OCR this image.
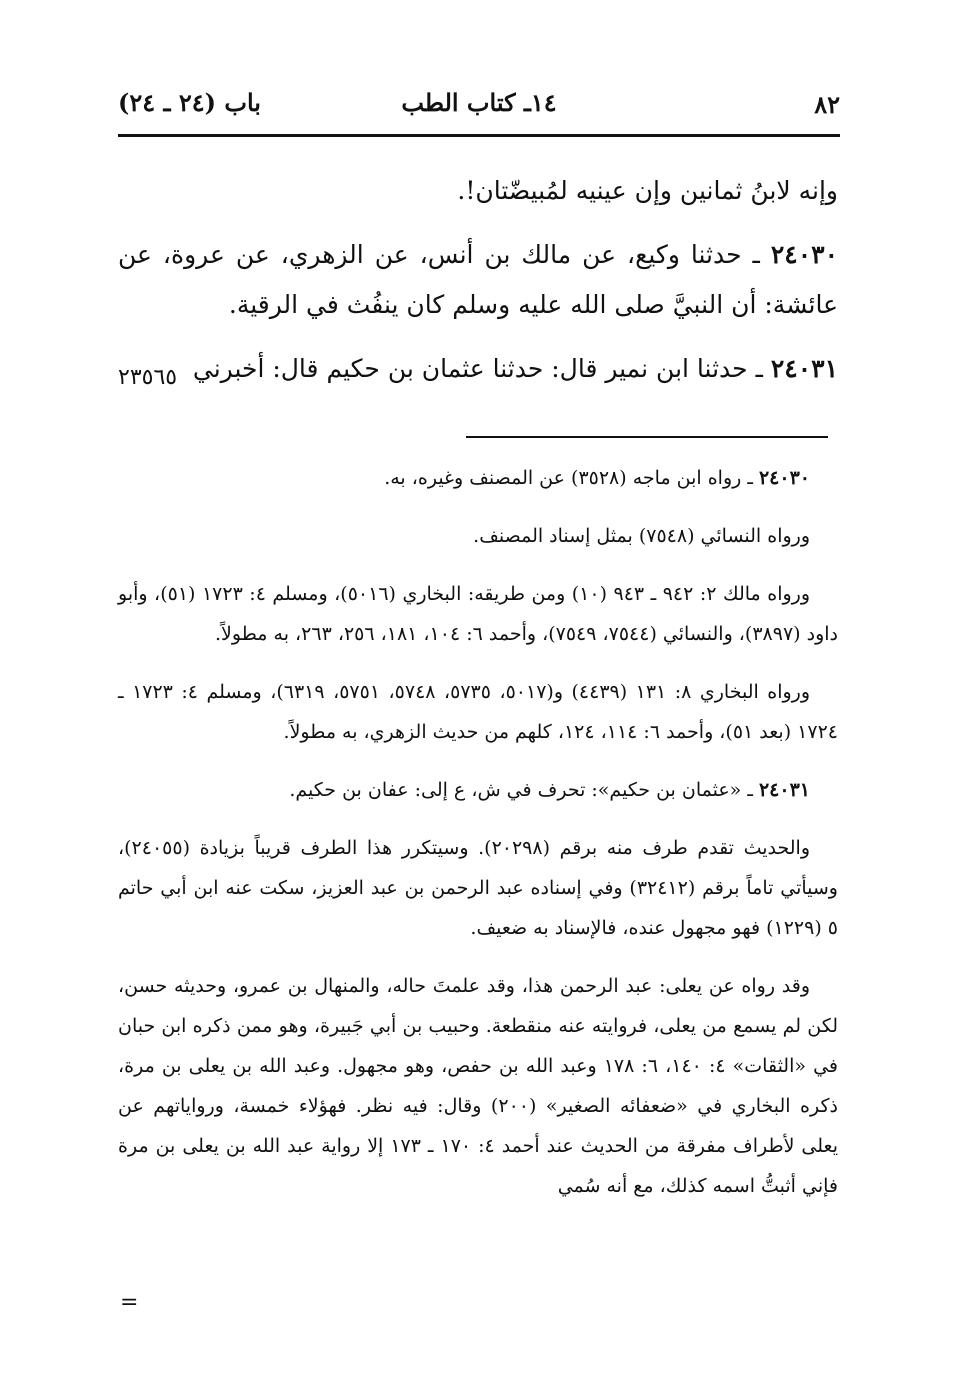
٨٢
١٤ـ كتاب الطب
باب (٢٤ ـ ٢٤)

وإنه لابنُ ثمانين وإن عينيه لمُبيضّتان!.

٢٤٠٣٠ ـ حدثنا وكيع، عن مالك بن أنس، عن الزهري، عن عروة، عن عائشة: أن النبيَّ صلى الله عليه وسلم كان ينفُث في الرقية.

٢٤٠٣١ ـ حدثنا ابن نمير قال: حدثنا عثمان بن حكيم قال: أخبرني

٢٣٥٦٥

٢٤٠٣٠ ـ رواه ابن ماجه (٣٥٢٨) عن المصنف وغيره، به.

ورواه النسائي (٧٥٤٨) بمثل إسناد المصنف.

ورواه مالك ٢: ٩٤٢ ـ ٩٤٣ (١٠) ومن طريقه: البخاري (٥٠١٦)، ومسلم ٤: ١٧٢٣ (٥١)، وأبو داود (٣٨٩٧)، والنسائي (٧٥٤٤، ٧٥٤٩)، وأحمد ٦: ١٠٤، ١٨١، ٢٥٦، ٢٦٣، به مطولاً.

ورواه البخاري ٨: ١٣١ (٤٤٣٩) و(٥٠١٧، ٥٧٣٥، ٥٧٤٨، ٥٧٥١، ٦٣١٩)، ومسلم ٤: ١٧٢٣ ـ ١٧٢٤ (بعد ٥١)، وأحمد ٦: ١١٤، ١٢٤، كلهم من حديث الزهري، به مطولاً.

٢٤٠٣١ ـ «عثمان بن حكيم»: تحرف في ش، ع إلى: عفان بن حكيم.

والحديث تقدم طرف منه برقم (٢٠٢٩٨). وسيتكرر هذا الطرف قريباً بزيادة (٢٤٠٥٥)، وسيأتي تاماً برقم (٣٢٤١٢) وفي إسناده عبد الرحمن بن عبد العزيز، سكت عنه ابن أبي حاتم ٥ (١٢٢٩) فهو مجهول عنده، فالإسناد به ضعيف.

وقد رواه عن يعلى: عبد الرحمن هذا، وقد علمتَ حاله، والمنهال بن عمرو، وحديثه حسن، لكن لم يسمع من يعلى، فروايته عنه منقطعة. وحبيب بن أبي جَبيرة، وهو ممن ذكره ابن حبان في «الثقات» ٤: ١٤٠، ٦: ١٧٨ وعبد الله بن حفص، وهو مجهول. وعبد الله بن يعلى بن مرة، ذكره البخاري في «ضعفائه الصغير» (٢٠٠) وقال: فيه نظر. فهؤلاء خمسة، ورواياتهم عن يعلى لأطراف مفرقة من الحديث عند أحمد ٤: ١٧٠ ـ ١٧٣ إلا رواية عبد الله بن يعلى بن مرة فإني أثبتُّ اسمه كذلك، مع أنه سُمي

=
